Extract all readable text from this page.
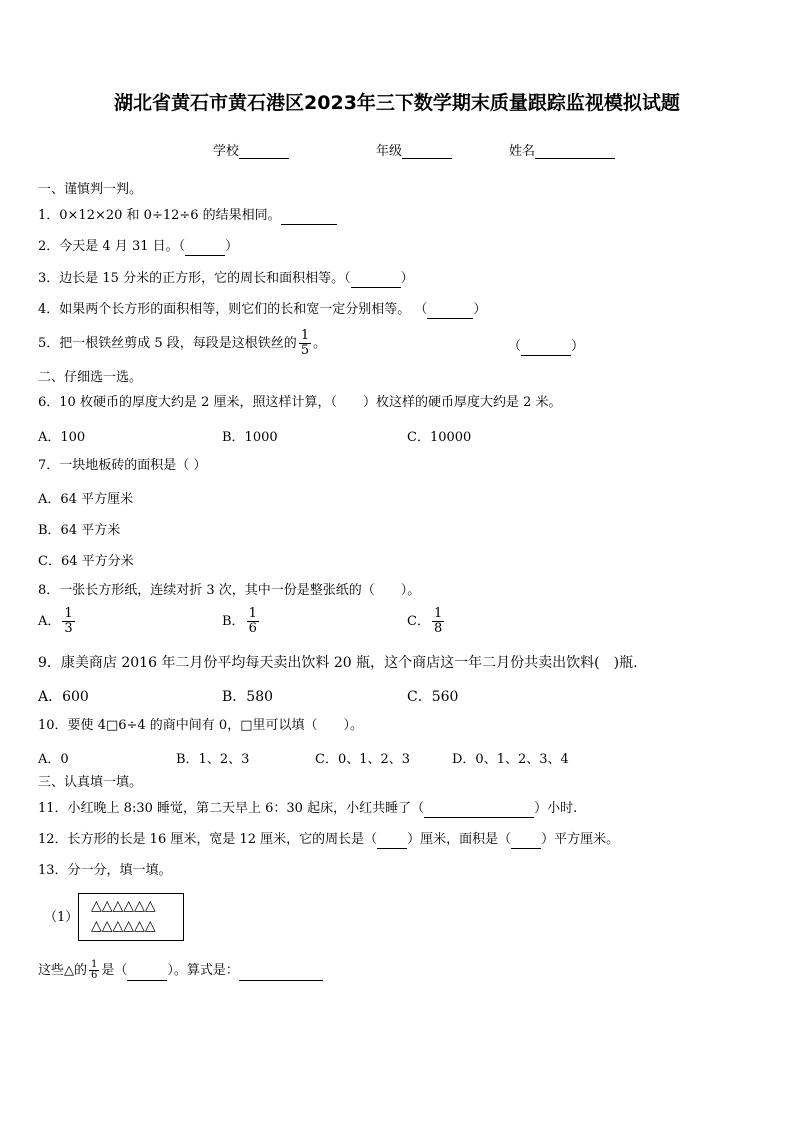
湖北省黄石市黄石港区2023年三下数学期末质量跟踪监视模拟试题
学校	年级	姓名
一、谨慎判一判。
1．0×12×20 和 0÷12÷6 的结果相同。
2．今天是 4 月 31 日。（	）
3．边长是 15 分米的正方形，它的周长和面积相等。（	）
4．如果两个长方形的面积相等，则它们的长和宽一定分别相等。 （	）
5．把一根铁丝剪成 5 段，每段是这根铁丝的 $\frac{1}{5}$ 。	（	）
二、仔细选一选。
6．10 枚硬币的厚度大约是 2 厘米，照这样计算，（　　）枚这样的硬币厚度大约是 2 米。
A．100	B．1000	C．10000
7．一块地板砖的面积是（ ）
A．64 平方厘米
B．64 平方米
C．64 平方分米
8．一张长方形纸，连续对折 3 次，其中一份是整张纸的（　　）。
A． $\frac{1}{3}$	B． $\frac{1}{6}$	C． $\frac{1}{8}$
9．康美商店 2016 年二月份平均每天卖出饮料 20 瓶，这个商店这一年二月份共卖出饮料(　)瓶.
A．600	B．580	C．560
10．要使 4□6÷4 的商中间有 0，□里可以填（　　）。
A．0	B．1、2、3	C．0、1、2、3	D．0、1、2、3、4
三、认真填一填。
11．小红晚上 8:30 睡觉，第二天早上 6：30 起床，小红共睡了（	）小时.
12．长方形的长是 16 厘米，宽是 12 厘米，它的周长是（ ）厘米，面积是（ ）平方厘米。
13．分一分，填一填。
（1）
△△△△△△
△△△△△△
这些△的 $\frac{1}{6}$ 是（	）。算式是：
